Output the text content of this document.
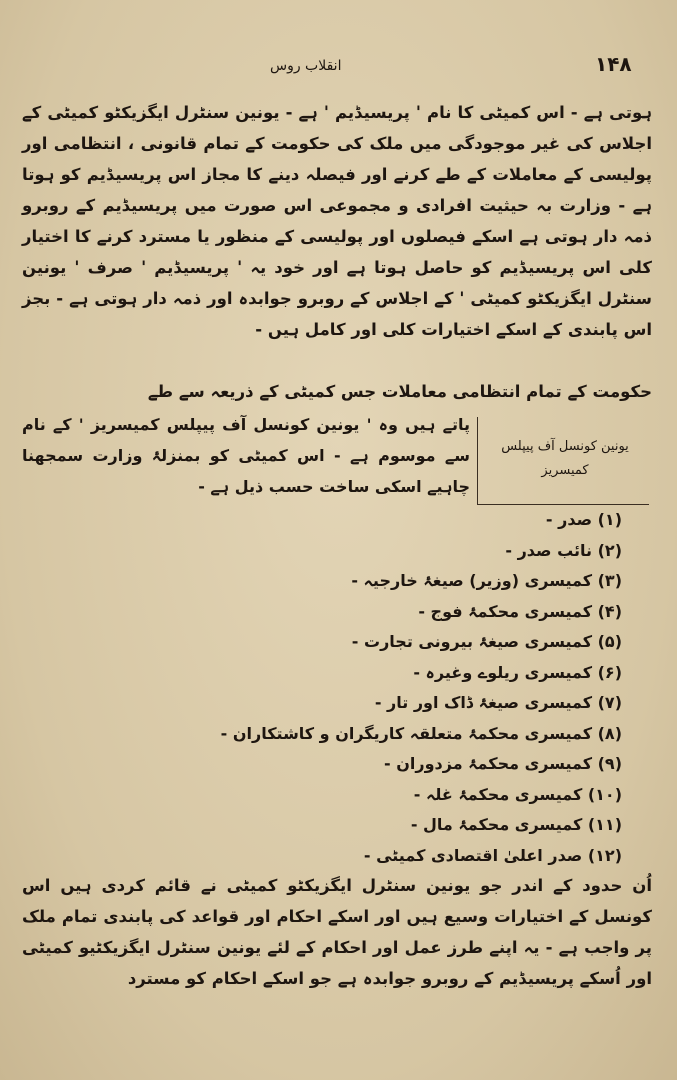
۱۴۸
انقلاب روس

ہوتی ہے - اس کمیٹی کا نام ' پریسیڈیم ' ہے - یونین سنٹرل ایگزیکٹو کمیٹی کے اجلاس کی غیر موجودگی میں ملک کی حکومت کے تمام قانونی ، انتظامی اور پولیسی کے معاملات کے طے کرنے اور فیصلہ دینے کا مجاز اس پریسیڈیم کو ہوتا ہے - وزارت بہ حیثیت افرادی و مجموعی اس صورت میں پریسیڈیم کے روبرو ذمہ دار ہوتی ہے اسکے فیصلوں اور پولیسی کے منظور یا مسترد کرنے کا اختیار کلی اس پریسیڈیم کو حاصل ہوتا ہے اور خود یہ ' پریسیڈیم ' صرف ' یونین سنٹرل ایگزیکٹو کمیٹی ' کے اجلاس کے روبرو جوابدہ اور ذمہ دار ہوتی ہے - بجز اس پابندی کے اسکے اختیارات کلی اور کامل ہیں -

حکومت کے تمام انتظامی معاملات جس کمیٹی کے ذریعہ سے طے

پاتے ہیں وہ ' یونین کونسل آف پیپلس کمیسریز ' کے نام سے موسوم ہے - اس کمیٹی کو بمنزلۂ وزارت سمجھنا چاہیے اسکی ساخت حسب ذیل ہے -

یونین کونسل آف پیپلس کمیسریز
(۱) صدر -
(۲) نائب صدر -
(۳) کمیسری (وزیر) صیغۂ خارجیہ -
(۴) کمیسری محکمۂ فوج -
(۵) کمیسری صیغۂ بیرونی تجارت -
(۶) کمیسری ریلوے وغیرہ -
(۷) کمیسری صیغۂ ڈاک اور تار -
(۸) کمیسری محکمۂ متعلقہ کاریگران و کاشتکاران -
(۹) کمیسری محکمۂ مزدوران -
(۱۰) کمیسری محکمۂ غلہ -
(۱۱) کمیسری محکمۂ مال -
(۱۲) صدر اعلیٰ اقتصادی کمیٹی -

اُن حدود کے اندر جو یونین سنٹرل ایگزیکٹو کمیٹی نے قائم کردی ہیں اس کونسل کے اختیارات وسیع ہیں اور اسکے احکام اور قواعد کی پابندی تمام ملک پر واجب ہے - یہ اپنے طرز عمل اور احکام کے لئے یونین سنٹرل ایگزیکٹیو کمیٹی اور اُسکے پریسیڈیم کے روبرو جوابدہ ہے جو اسکے احکام کو مسترد
